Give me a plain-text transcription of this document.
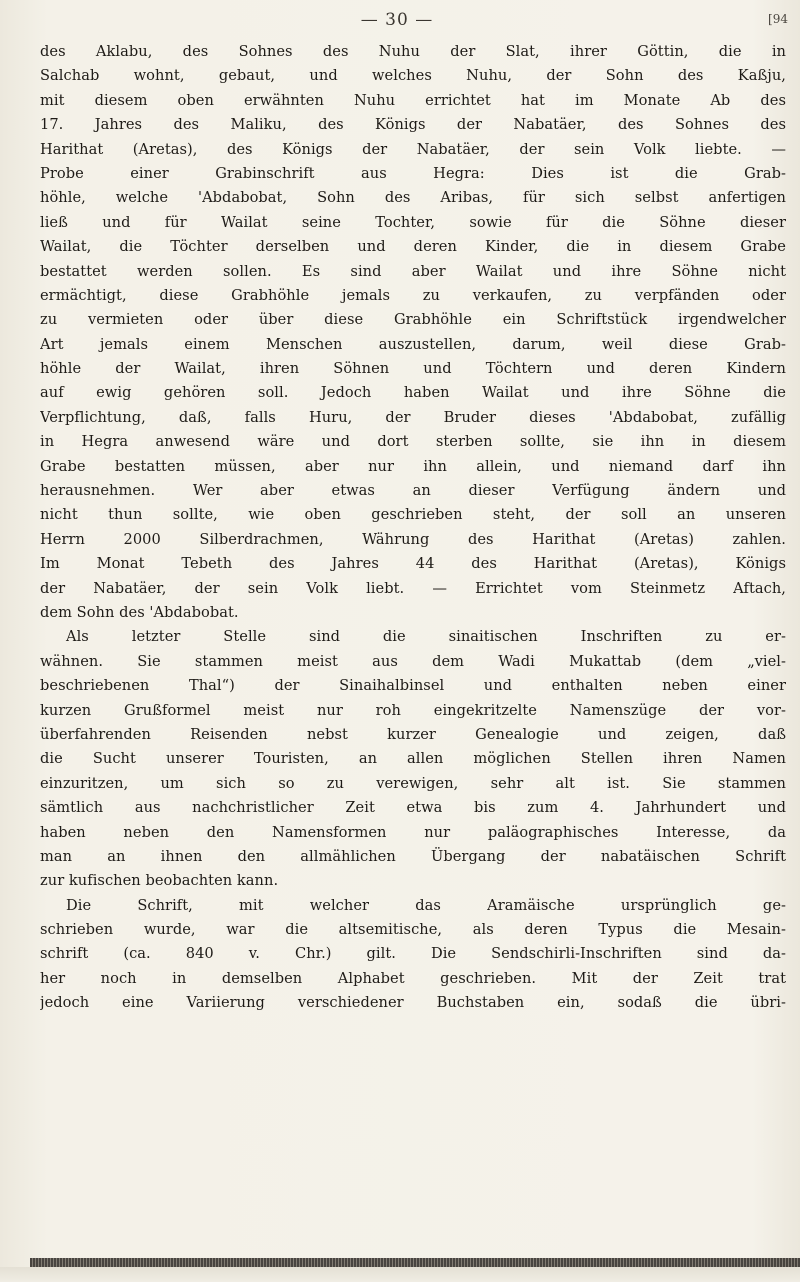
— 30 —	[94
des Aklabu, des Sohnes des Nuhu der Slat, ihrer Göttin, die in
Salchab wohnt, gebaut, und welches Nuhu, der Sohn des Kaßju,
mit diesem oben erwähnten Nuhu errichtet hat im Monate Ab des
17. Jahres des Maliku, des Königs der Nabatäer, des Sohnes des
Harithat (Aretas), des Königs der Nabatäer, der sein Volk liebte. —
Probe einer Grabinschrift aus Hegra: Dies ist die Grab-
höhle, welche 'Abdabobat, Sohn des Aribas, für sich selbst anfertigen
ließ und für Wailat seine Tochter, sowie für die Söhne dieser
Wailat, die Töchter derselben und deren Kinder, die in diesem Grabe
bestattet werden sollen. Es sind aber Wailat und ihre Söhne nicht
ermächtigt, diese Grabhöhle jemals zu verkaufen, zu verpfänden oder
zu vermieten oder über diese Grabhöhle ein Schriftstück irgendwelcher
Art jemals einem Menschen auszustellen, darum, weil diese Grab-
höhle der Wailat, ihren Söhnen und Töchtern und deren Kindern
auf ewig gehören soll. Jedoch haben Wailat und ihre Söhne die
Verpflichtung, daß, falls Huru, der Bruder dieses 'Abdabobat, zufällig
in Hegra anwesend wäre und dort sterben sollte, sie ihn in diesem
Grabe bestatten müssen, aber nur ihn allein, und niemand darf ihn
herausnehmen. Wer aber etwas an dieser Verfügung ändern und
nicht thun sollte, wie oben geschrieben steht, der soll an unseren
Herrn 2000 Silberdrachmen, Währung des Harithat (Aretas) zahlen.
Im Monat Tebeth des Jahres 44 des Harithat (Aretas), Königs
der Nabatäer, der sein Volk liebt. — Errichtet vom Steinmetz Aftach,
dem Sohn des 'Abdabobat.
Als letzter Stelle sind die sinaitischen Inschriften zu er-
wähnen. Sie stammen meist aus dem Wadi Mukattab (dem „viel-
beschriebenen Thal“) der Sinaihalbinsel und enthalten neben einer
kurzen Grußformel meist nur roh eingekritzelte Namenszüge der vor-
überfahrenden Reisenden nebst kurzer Genealogie und zeigen, daß
die Sucht unserer Touristen, an allen möglichen Stellen ihren Namen
einzuritzen, um sich so zu verewigen, sehr alt ist. Sie stammen
sämtlich aus nachchristlicher Zeit etwa bis zum 4. Jahrhundert und
haben neben den Namensformen nur paläographisches Interesse, da
man an ihnen den allmählichen Übergang der nabatäischen Schrift
zur kufischen beobachten kann.
Die Schrift, mit welcher das Aramäische ursprünglich ge-
schrieben wurde, war die altsemitische, als deren Typus die Mesain-
schrift (ca. 840 v. Chr.) gilt. Die Sendschirli-Inschriften sind da-
her noch in demselben Alphabet geschrieben. Mit der Zeit trat
jedoch eine Variierung verschiedener Buchstaben ein, sodaß die übri-
